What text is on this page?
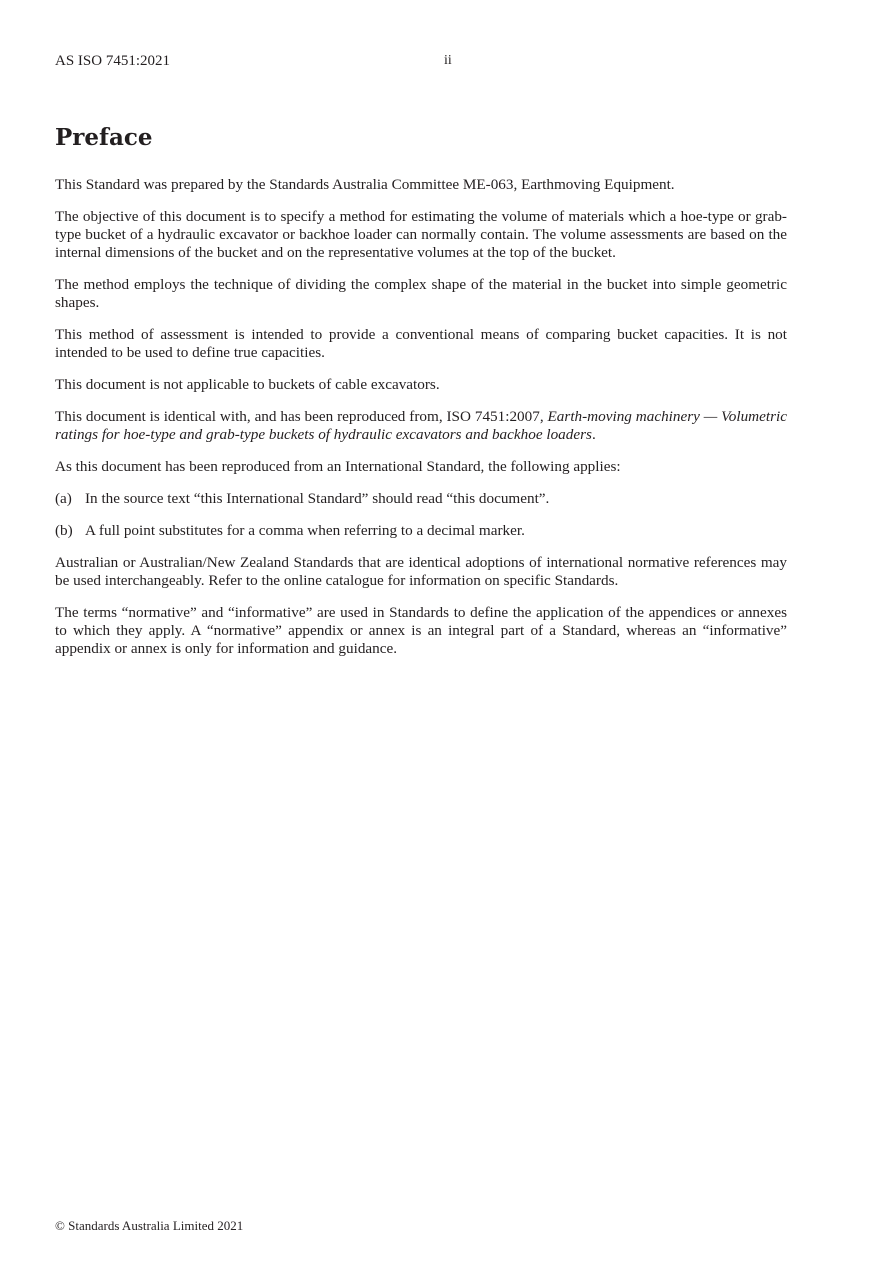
AS ISO 7451:2021	ii
Preface

This Standard was prepared by the Standards Australia Committee ME-063, Earthmoving Equipment.

The objective of this document is to specify a method for estimating the volume of materials which a hoe-type or grab-type bucket of a hydraulic excavator or backhoe loader can normally contain. The volume assessments are based on the internal dimensions of the bucket and on the representative volumes at the top of the bucket.

The method employs the technique of dividing the complex shape of the material in the bucket into simple geometric shapes.

This method of assessment is intended to provide a conventional means of comparing bucket capacities. It is not intended to be used to define true capacities.

This document is not applicable to buckets of cable excavators.

This document is identical with, and has been reproduced from, ISO 7451:2007, Earth-moving machinery — Volumetric ratings for hoe-type and grab-type buckets of hydraulic excavators and backhoe loaders.

As this document has been reproduced from an International Standard, the following applies:

(a) In the source text “this International Standard” should read “this document”.

(b) A full point substitutes for a comma when referring to a decimal marker.

Australian or Australian/New Zealand Standards that are identical adoptions of international normative references may be used interchangeably. Refer to the online catalogue for information on specific Standards.

The terms “normative” and “informative” are used in Standards to define the application of the appendices or annexes to which they apply. A “normative” appendix or annex is an integral part of a Standard, whereas an “informative” appendix or annex is only for information and guidance.

© Standards Australia Limited 2021
